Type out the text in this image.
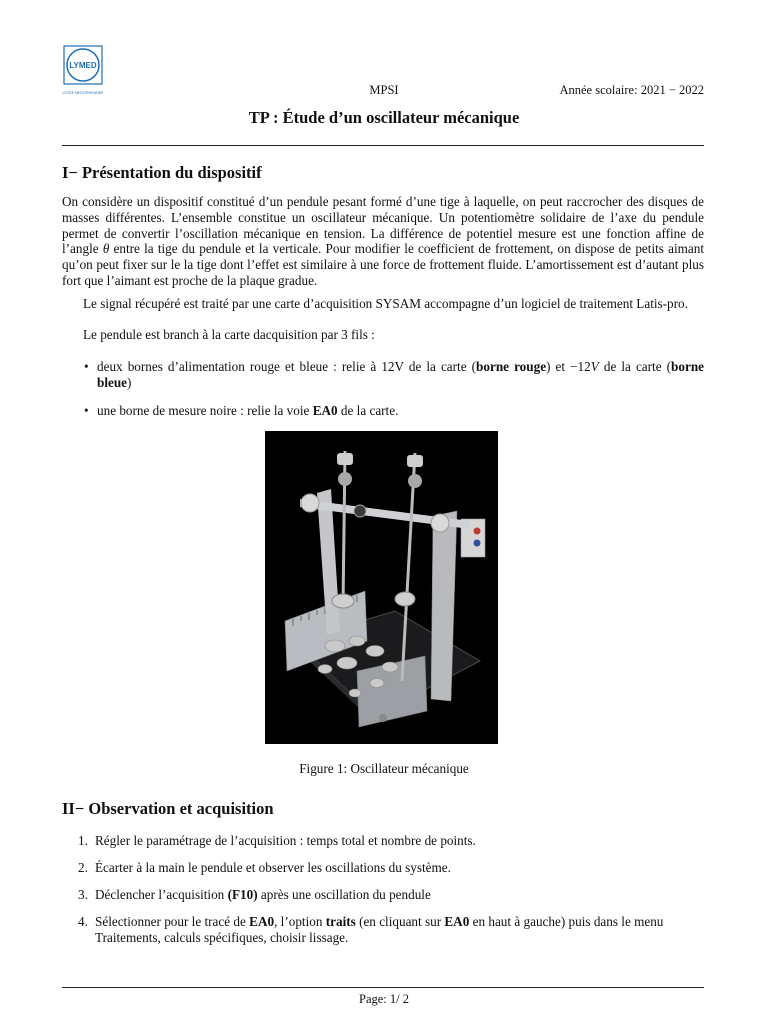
LYMED
LYCEE MEDITERRANEE	MPSI	Année scolaire: 2021 − 2022
TP : Étude d’un oscillateur mécanique
I− Présentation du dispositif
On considère un dispositif constitué d’un pendule pesant formé d’une tige à laquelle, on peut raccrocher des disques de masses différentes. L’ensemble constitue un oscillateur mécanique. Un potentiomètre solidaire de l’axe du pendule permet de convertir l’oscillation mécanique en tension. La différence de potentiel mesure est une fonction affine de l’angle θ entre la tige du pendule et la verticale. Pour modifier le coefficient de frottement, on dispose de petits aimant qu’on peut fixer sur le la tige dont l’effet est similaire à une force de frottement fluide. L’amortissement est d’autant plus fort que l’aimant est proche de la plaque gradue.
Le signal récupéré est traité par une carte d’acquisition SYSAM accompagne d’un logiciel de traitement Latis-pro.
Le pendule est branch à la carte dacquisition par 3 fils :
• deux bornes d’alimentation rouge et bleue : relie à 12V de la carte (borne rouge) et −12V de la carte (borne bleue)
• une borne de mesure noire : relie la voie EA0 de la carte.
Figure 1: Oscillateur mécanique
II− Observation et acquisition
1. Régler le paramétrage de l’acquisition : temps total et nombre de points.
2. Écarter à la main le pendule et observer les oscillations du système.
3. Déclencher l’acquisition (F10) après une oscillation du pendule
4. Sélectionner pour le tracé de EA0, l’option traits (en cliquant sur EA0 en haut à gauche) puis dans le menu Traitements, calculs spécifiques, choisir lissage.
Page: 1/ 2
